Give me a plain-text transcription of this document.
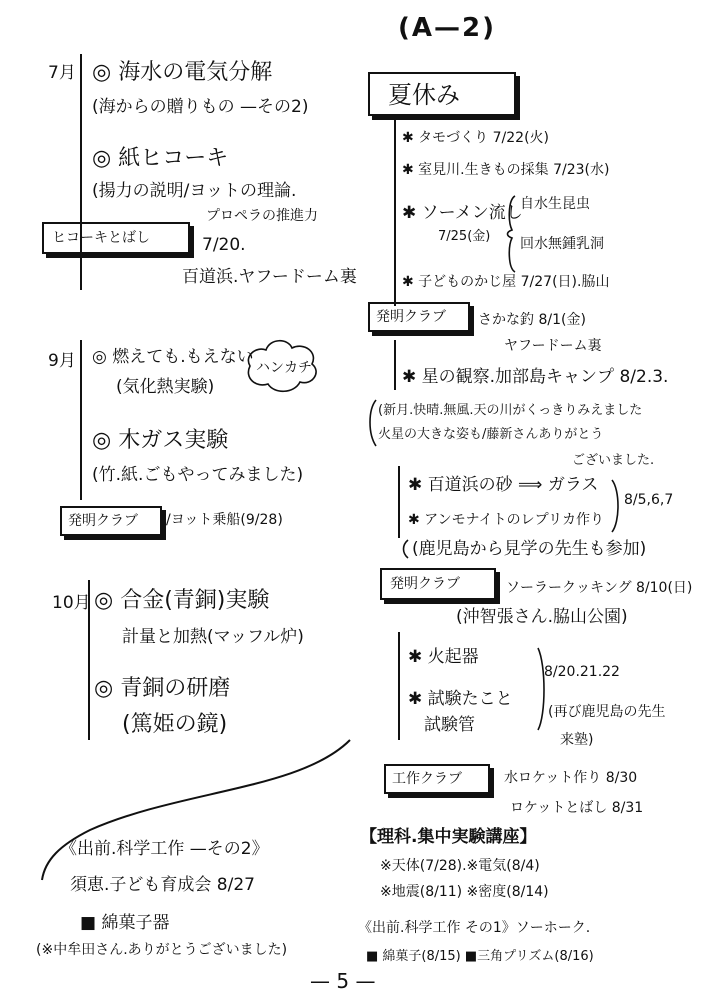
(A—2)
7月 ◎ 海水の電気分解
(海からの贈りもの —その2)
◎ 紙ヒコーキ
(揚力の説明/ヨットの理論.
プロペラの推進力
ヒコーキとばし	7/20.
百道浜.ヤフードーム裏
9月 ◎ 燃えても.もえない
ハンカチ
(気化熱実験)
◎ 木ガス実験
(竹.紙.ごもやってみました)
発明クラブ /ヨット乗船(9/28)
10月 ◎ 合金(青銅)実験
計量と加熱(マッフル炉)
◎ 青銅の研磨
(篤姫の鏡)
《出前.科学工作 —その2》
須恵.子ども育成会 8/27
■ 綿菓子器
(※中牟田さん.ありがとうございました)
夏休み
✱ タモづくり 7/22(火)
✱ 室見川.生きもの採集 7/23(水)
✱ ソーメン流し
7/25(金)
自水生昆虫
回水無鍾乳洞
✱ 子どものかじ屋 7/27(日).脇山
発明クラブ さかな釣 8/1(金)
ヤフードーム裏
✱ 星の観察.加部島キャンプ 8/2.3.
(新月.快晴.無風.天の川がくっきりみえました
火星の大きな姿も/藤新さんありがとう
ございました.
✱ 百道浜の砂 ⟹ ガラス
✱ アンモナイトのレプリカ作り
8/5,6,7
(鹿児島から見学の先生も参加)
発明クラブ	ソーラークッキング 8/10(日)
(沖智張さん.脇山公園)
✱ 火起器
✱ 試験たこと
試験管
8/20.21.22
(再び鹿児島の先生
来塾)
工作クラブ	水ロケット作り 8/30
ロケットとばし 8/31
【理科.集中実験講座】
※天体(7/28).※電気(8/4)
※地震(8/11) ※密度(8/14)
《出前.科学工作 その1》ソーホーク.
■ 綿菓子(8/15) ■三角プリズム(8/16)
— 5 —
